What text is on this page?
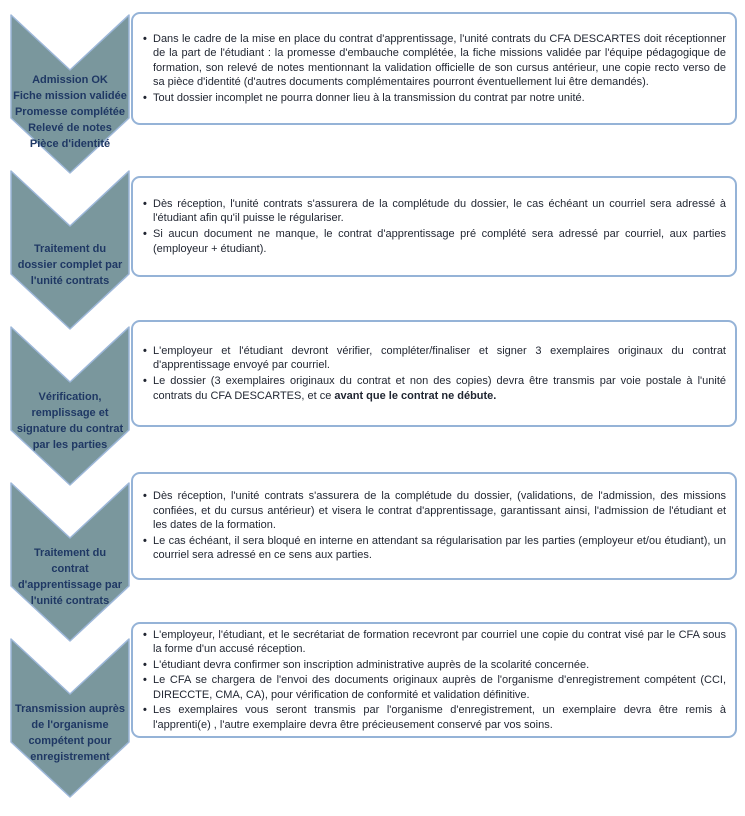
Admission OK
Fiche mission validée
Promesse complétée
Relevé de notes
Pièce d'identité
• Dans le cadre de la mise en place du contrat d'apprentissage, l'unité contrats du CFA DESCARTES doit réceptionner de la part de l'étudiant : la promesse d'embauche complétée, la fiche missions validée par l'équipe pédagogique de formation, son relevé de notes mentionnant la validation officielle de son cursus antérieur, une copie recto verso de sa pièce d'identité (d'autres documents complémentaires pourront éventuellement lui être demandés).
• Tout dossier incomplet ne pourra donner lieu à la transmission du contrat par notre unité.
Traitement du
dossier complet par
l'unité contrats
• Dès réception, l'unité contrats s'assurera de la complétude du dossier, le cas échéant un courriel sera adressé à l'étudiant afin qu'il puisse le régulariser.
• Si aucun document ne manque, le contrat d'apprentissage pré complété sera adressé par courriel, aux parties (employeur + étudiant).
Vérification,
remplissage et
signature du contrat
par les parties
• L'employeur et l'étudiant devront vérifier, compléter/finaliser et signer 3 exemplaires originaux du contrat d'apprentissage envoyé par courriel.
• Le dossier (3 exemplaires originaux du contrat et non des copies) devra être transmis par voie postale à l'unité contrats du CFA DESCARTES, et ce avant que le contrat ne débute.
Traitement du
contrat
d'apprentissage par
l'unité contrats
• Dès réception, l'unité contrats s'assurera de la complétude du dossier, (validations, de l'admission, des missions confiées, et du cursus antérieur) et visera le contrat d'apprentissage, garantissant ainsi, l'admission de l'étudiant et les dates de la formation.
• Le cas échéant, il sera bloqué en interne en attendant sa régularisation par les parties (employeur et/ou étudiant), un courriel sera adressé en ce sens aux parties.
Transmission auprès
de l'organisme
compétent pour
enregistrement
• L'employeur, l'étudiant, et le secrétariat de formation recevront par courriel une copie du contrat visé par le CFA sous la forme d'un accusé réception.
• L'étudiant devra confirmer son inscription administrative auprès de la scolarité concernée.
• Le CFA se chargera de l'envoi des documents originaux auprès de l'organisme d'enregistrement compétent (CCI, DIRECCTE, CMA, CA), pour vérification de conformité et validation définitive.
• Les exemplaires vous seront transmis par l'organisme d'enregistrement, un exemplaire devra être remis à l'apprenti(e) , l'autre exemplaire devra être précieusement conservé par vos soins.
